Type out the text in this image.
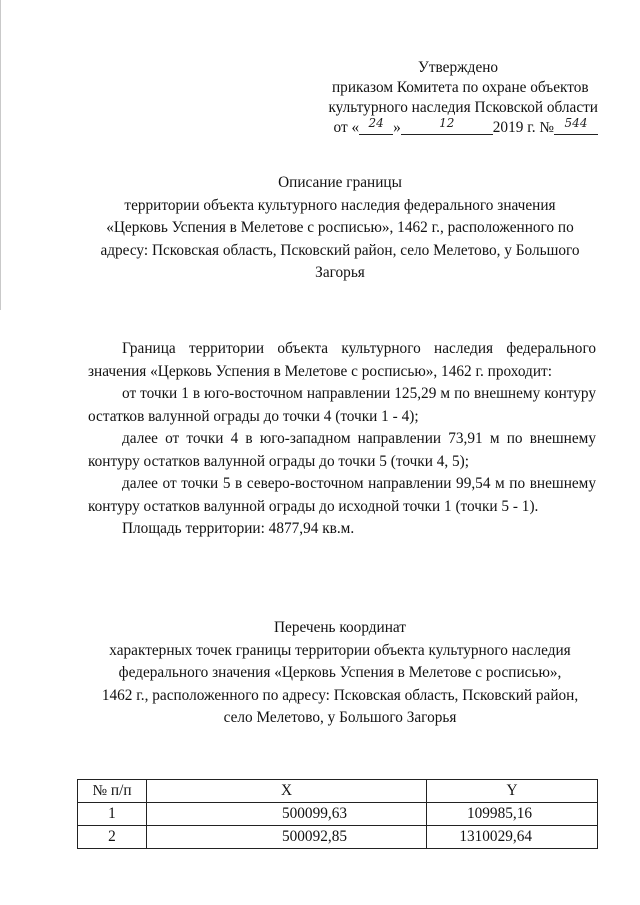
Утверждено
приказом Комитета по охране объектов
культурного наследия Псковской области
от « $^{24}$ »	$^{12}$	2019 г. № $^{544}$
Описание границы
территории объекта культурного наследия федерального значения
«Церковь Успения в Мелетове с росписью», 1462 г., расположенного по
адресу: Псковская область, Псковский район, село Мелетово, у Большого
Загорья

Граница территории объекта культурного наследия федерального значения «Церковь Успения в Мелетове с росписью», 1462 г. проходит:

от точки 1 в юго-восточном направлении 125,29 м по внешнему контуру остатков валунной ограды до точки 4 (точки 1 - 4);

далее от точки 4 в юго-западном направлении 73,91 м по внешнему контуру остатков валунной ограды до точки 5 (точки 4, 5);

далее от точки 5 в северо-восточном направлении 99,54 м по внешнему контуру остатков валунной ограды до исходной точки 1 (точки 5 - 1).

Площадь территории: 4877,94 кв.м.

Перечень координат
характерных точек границы территории объекта культурного наследия
федерального значения «Церковь Успения в Мелетове с росписью»,
1462 г., расположенного по адресу: Псковская область, Псковский район,
село Мелетово, у Большого Загорья
№ п/п	X	Y
1	500099,63	109985,16
2	500092,85	1310029,64
